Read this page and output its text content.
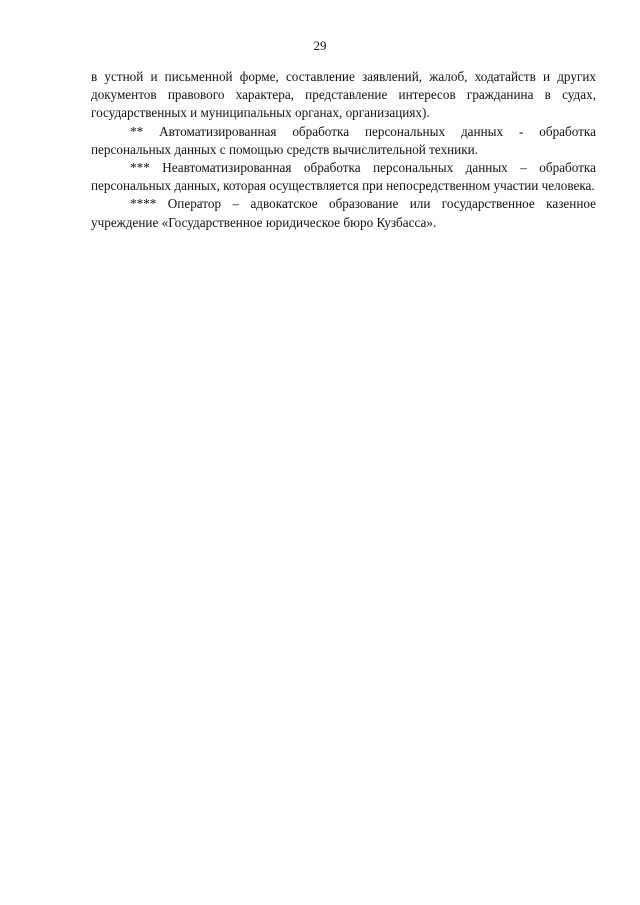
29

в устной и письменной форме, составление заявлений, жалоб, ходатайств и других документов правового характера, представление интересов гражданина в судах, государственных и муниципальных органах, организациях).

** Автоматизированная обработка персональных данных - обработка персональных данных с помощью средств вычислительной техники.

*** Неавтоматизированная обработка персональных данных – обработка персональных данных, которая осуществляется при непосредственном участии человека.

**** Оператор – адвокатское образование или государственное казенное учреждение «Государственное юридическое бюро Кузбасса».
